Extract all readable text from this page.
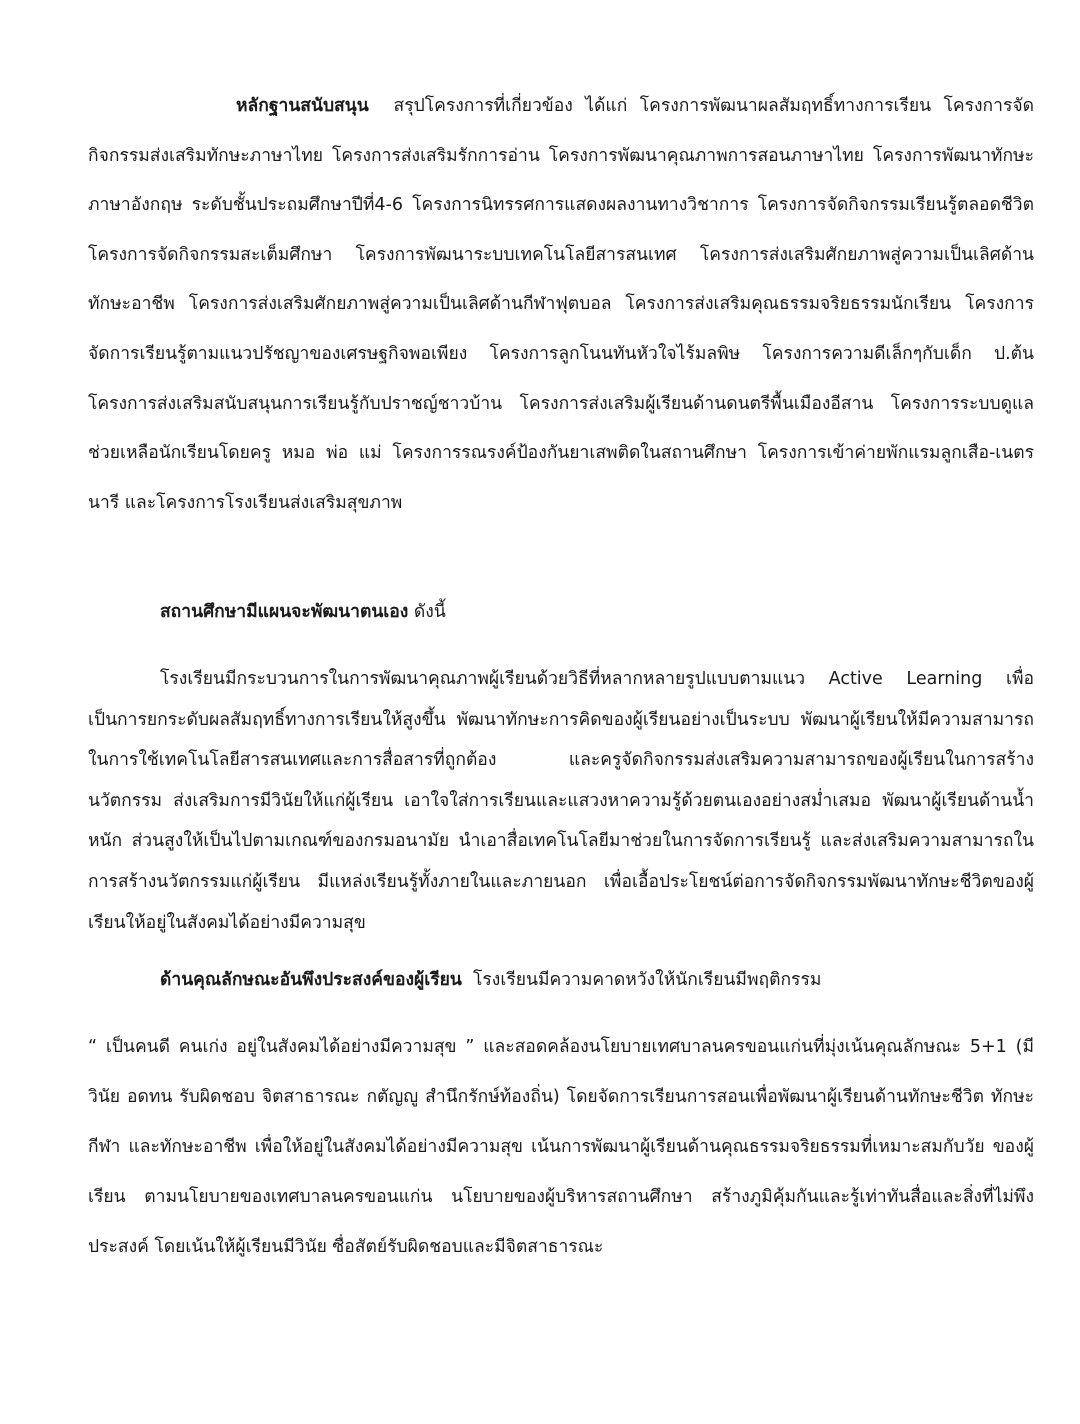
หลักฐานสนับสนุน สรุปโครงการที่เกี่ยวข้อง ได้แก่ โครงการพัฒนาผลสัมฤทธิ์ทางการเรียน โครงการจัดกิจกรรมส่งเสริมทักษะภาษาไทย โครงการส่งเสริมรักการอ่าน โครงการพัฒนาคุณภาพการสอนภาษาไทย โครงการพัฒนาทักษะภาษาอังกฤษ ระดับชั้นประถมศึกษาปีที่4-6 โครงการนิทรรศการแสดงผลงานทางวิชาการ โครงการจัดกิจกรรมเรียนรู้ตลอดชีวิต โครงการจัดกิจกรรมสะเต็มศึกษา โครงการพัฒนาระบบเทคโนโลยีสารสนเทศ โครงการส่งเสริมศักยภาพสู่ความเป็นเลิศด้านทักษะอาชีพ โครงการส่งเสริมศักยภาพสู่ความเป็นเลิศด้านกีฬาฟุตบอล โครงการส่งเสริมคุณธรรมจริยธรรมนักเรียน โครงการจัดการเรียนรู้ตามแนวปรัชญาของเศรษฐกิจพอเพียง โครงการลูกโนนทันหัวใจไร้มลพิษ โครงการความดีเล็กๆกับเด็ก ป.ต้น โครงการส่งเสริมสนับสนุนการเรียนรู้กับปราชญ์ชาวบ้าน โครงการส่งเสริมผู้เรียนด้านดนตรีพื้นเมืองอีสาน โครงการระบบดูแลช่วยเหลือนักเรียนโดยครู หมอ พ่อ แม่ โครงการรณรงค์ป้องกันยาเสพติดในสถานศึกษา โครงการเข้าค่ายพักแรมลูกเสือ-เนตรนารี และโครงการโรงเรียนส่งเสริมสุขภาพ

สถานศึกษามีแผนจะพัฒนาตนเอง ดังนี้

โรงเรียนมีกระบวนการในการพัฒนาคุณภาพผู้เรียนด้วยวิธีที่หลากหลายรูปแบบตามแนว Active Learning เพื่อเป็นการยกระดับผลสัมฤทธิ์ทางการเรียนให้สูงขึ้น พัฒนาทักษะการคิดของผู้เรียนอย่างเป็นระบบ พัฒนาผู้เรียนให้มีความสามารถในการใช้เทคโนโลยีสารสนเทศและการสื่อสารที่ถูกต้อง และครูจัดกิจกรรมส่งเสริมความสามารถของผู้เรียนในการสร้างนวัตกรรม ส่งเสริมการมีวินัยให้แก่ผู้เรียน เอาใจใส่การเรียนและแสวงหาความรู้ด้วยตนเองอย่างสม่ำเสมอ พัฒนาผู้เรียนด้านน้ำหนัก ส่วนสูงให้เป็นไปตามเกณฑ์ของกรมอนามัย นำเอาสื่อเทคโนโลยีมาช่วยในการจัดการเรียนรู้ และส่งเสริมความสามารถในการสร้างนวัตกรรมแก่ผู้เรียน มีแหล่งเรียนรู้ทั้งภายในและภายนอก เพื่อเอื้อประโยชน์ต่อการจัดกิจกรรมพัฒนาทักษะชีวิตของผู้เรียนให้อยู่ในสังคมได้อย่างมีความสุข

ด้านคุณลักษณะอันพึงประสงค์ของผู้เรียน โรงเรียนมีความคาดหวังให้นักเรียนมีพฤติกรรม

“ เป็นคนดี คนเก่ง อยู่ในสังคมได้อย่างมีความสุข ” และสอดคล้องนโยบายเทศบาลนครขอนแก่นที่มุ่งเน้นคุณลักษณะ 5+1 (มีวินัย อดทน รับผิดชอบ จิตสาธารณะ กตัญญู สำนึกรักษ์ท้องถิ่น) โดยจัดการเรียนการสอนเพื่อพัฒนาผู้เรียนด้านทักษะชีวิต ทักษะกีฬา และทักษะอาชีพ เพื่อให้อยู่ในสังคมได้อย่างมีความสุข เน้นการพัฒนาผู้เรียนด้านคุณธรรมจริยธรรมที่เหมาะสมกับวัย ของผู้เรียน ตามนโยบายของเทศบาลนครขอนแก่น นโยบายของผู้บริหารสถานศึกษา สร้างภูมิคุ้มกันและรู้เท่าทันสื่อและสิ่งที่ไม่พึงประสงค์ โดยเน้นให้ผู้เรียนมีวินัย ซื่อสัตย์รับผิดชอบและมีจิตสาธารณะ
